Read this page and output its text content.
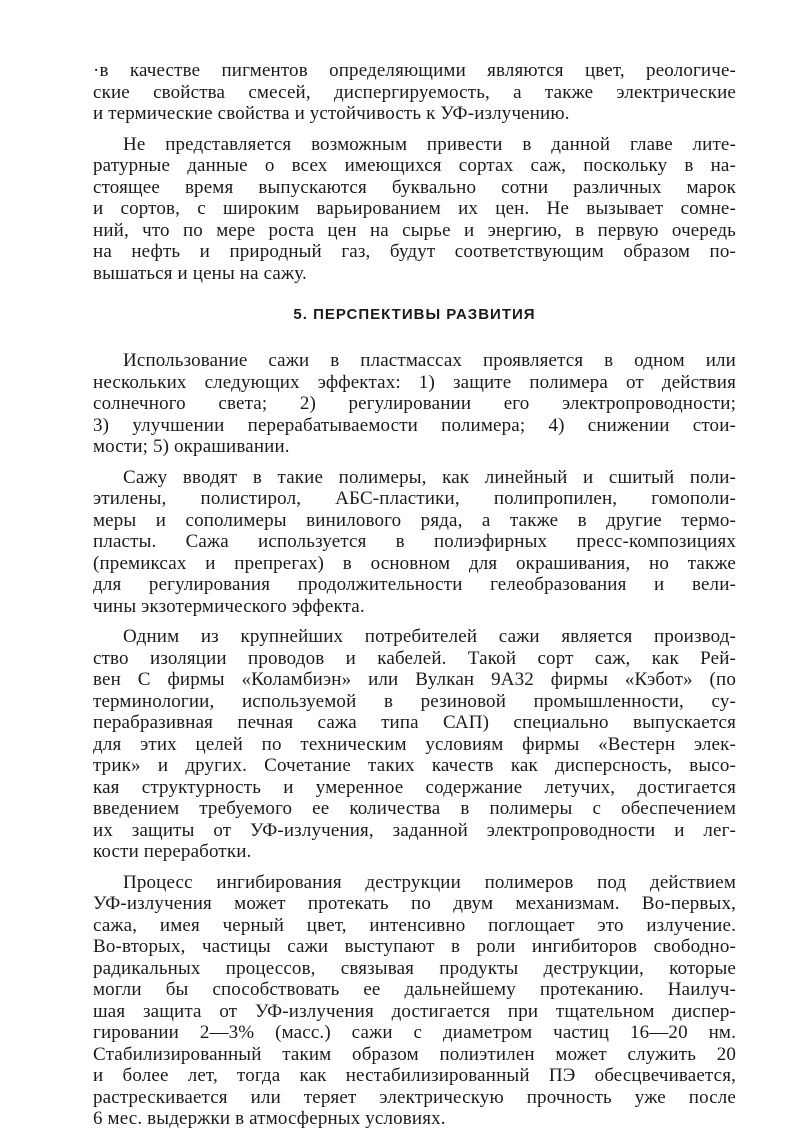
·в качестве пигментов определяющими являются цвет, реологиче-
ские свойства смесей, диспергируемость, а также электрические
и термические свойства и устойчивость к УФ-излучению.
Не представляется возможным привести в данной главе лите-
ратурные данные о всех имеющихся сортах саж, поскольку в на-
стоящее время выпускаются буквально сотни различных марок
и сортов, с широким варьированием их цен. Не вызывает сомне-
ний, что по мере роста цен на сырье и энергию, в первую очередь
на нефть и природный газ, будут соответствующим образом по-
вышаться и цены на сажу.
5. ПЕРСПЕКТИВЫ РАЗВИТИЯ
Использование сажи в пластмассах проявляется в одном или
нескольких следующих эффектах: 1) защите полимера от действия
солнечного света; 2) регулировании его электропроводности;
3) улучшении перерабатываемости полимера; 4) снижении стои-
мости; 5) окрашивании.
Сажу вводят в такие полимеры, как линейный и сшитый поли-
этилены, полистирол, АБС-пластики, полипропилен, гомополи-
меры и сополимеры винилового ряда, а также в другие термо-
пласты. Сажа используется в полиэфирных пресс-композициях
(премиксах и препрегах) в основном для окрашивания, но также
для регулирования продолжительности гелеобразования и вели-
чины экзотермического эффекта.
Одним из крупнейших потребителей сажи является производ-
ство изоляции проводов и кабелей. Такой сорт саж, как Рей-
вен С фирмы «Коламбиэн» или Вулкан 9А32 фирмы «Кэбот» (по
терминологии, используемой в резиновой промышленности, су-
перабразивная печная сажа типа САП) специально выпускается
для этих целей по техническим условиям фирмы «Вестерн элек-
трик» и других. Сочетание таких качеств как дисперсность, высо-
кая структурность и умеренное содержание летучих, достигается
введением требуемого ее количества в полимеры с обеспечением
их защиты от УФ-излучения, заданной электропроводности и лег-
кости переработки.
Процесс ингибирования деструкции полимеров под действием
УФ-излучения может протекать по двум механизмам. Во-первых,
сажа, имея черный цвет, интенсивно поглощает это излучение.
Во-вторых, частицы сажи выступают в роли ингибиторов свободно-
радикальных процессов, связывая продукты деструкции, которые
могли бы способствовать ее дальнейшему протеканию. Наилуч-
шая защита от УФ-излучения достигается при тщательном диспер-
гировании 2—3% (масс.) сажи с диаметром частиц 16—20 нм.
Стабилизированный таким образом полиэтилен может служить 20
и более лет, тогда как нестабилизированный ПЭ обесцвечивается,
растрескивается или теряет электрическую прочность уже после
6 мес. выдержки в атмосферных условиях.
